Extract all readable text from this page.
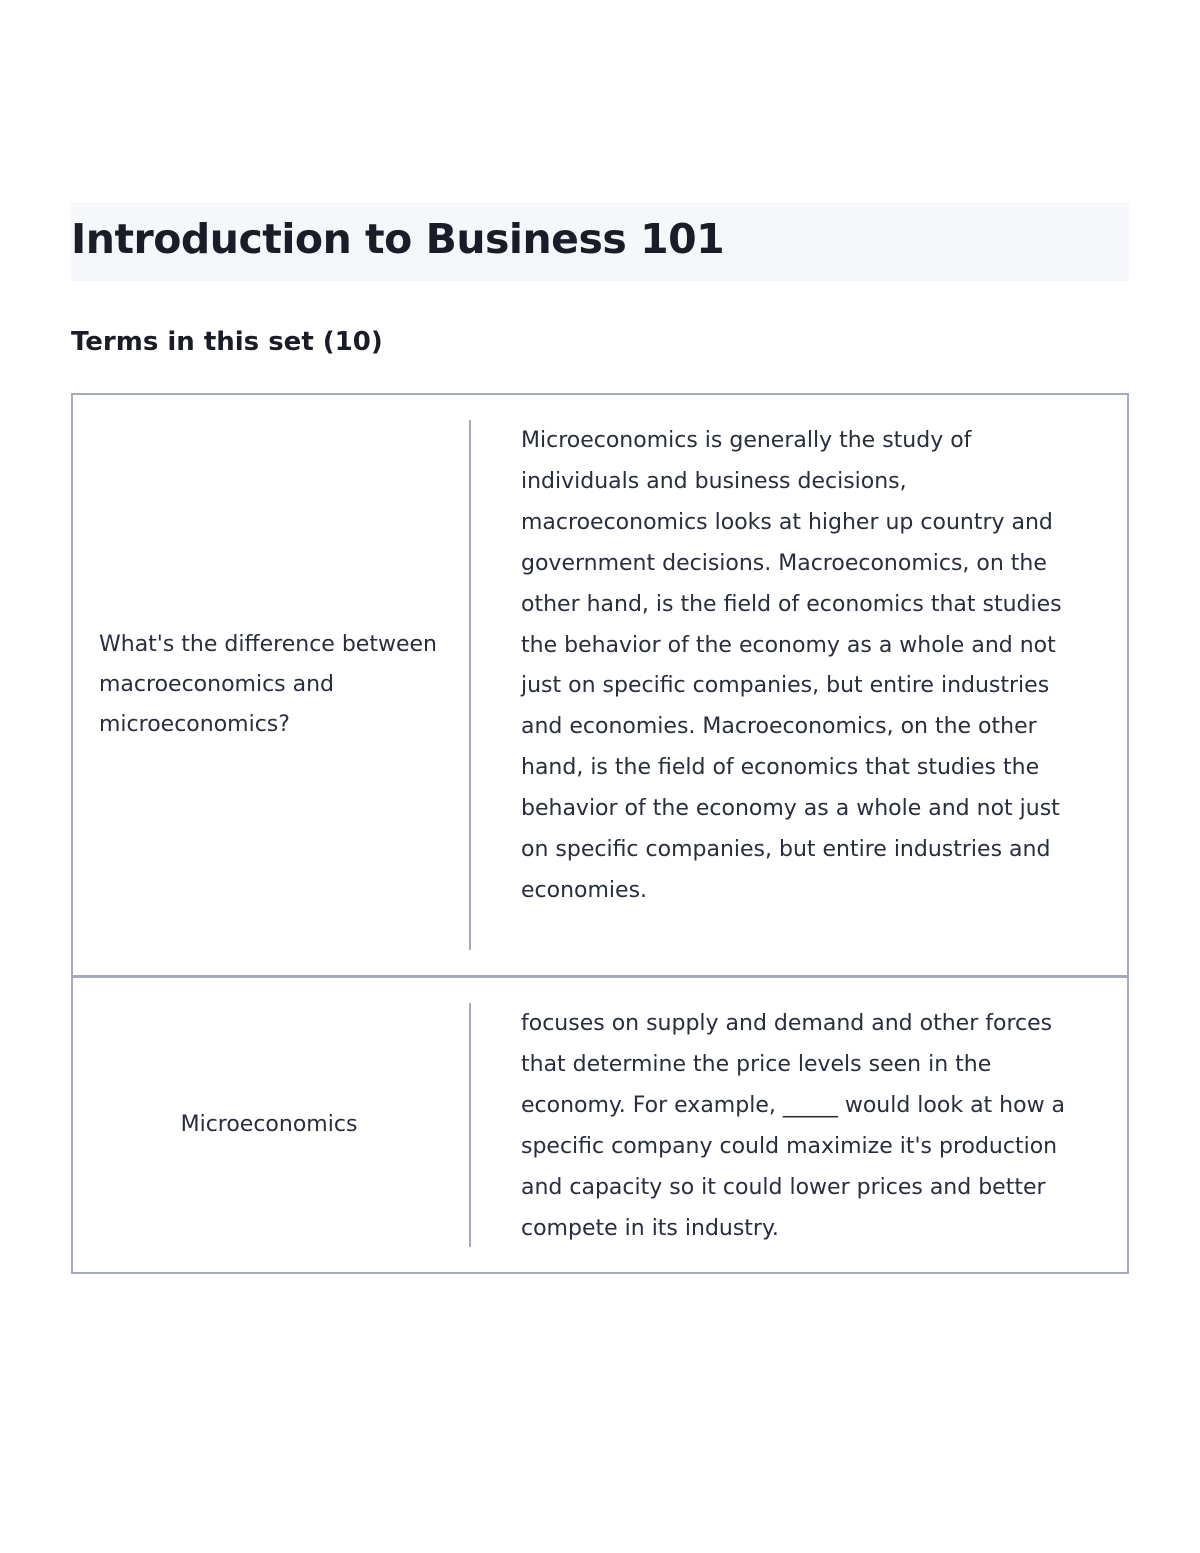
Introduction to Business 101
Terms in this set (10)
What's the difference between macroeconomics and microeconomics?
Microeconomics is generally the study of individuals and business decisions, macroeconomics looks at higher up country and government decisions. Macroeconomics, on the other hand, is the field of economics that studies the behavior of the economy as a whole and not just on specific companies, but entire industries and economies. Macroeconomics, on the other hand, is the field of economics that studies the behavior of the economy as a whole and not just on specific companies, but entire industries and economies.
Microeconomics
focuses on supply and demand and other forces that determine the price levels seen in the economy. For example, _____ would look at how a specific company could maximize it's production and capacity so it could lower prices and better compete in its industry.
